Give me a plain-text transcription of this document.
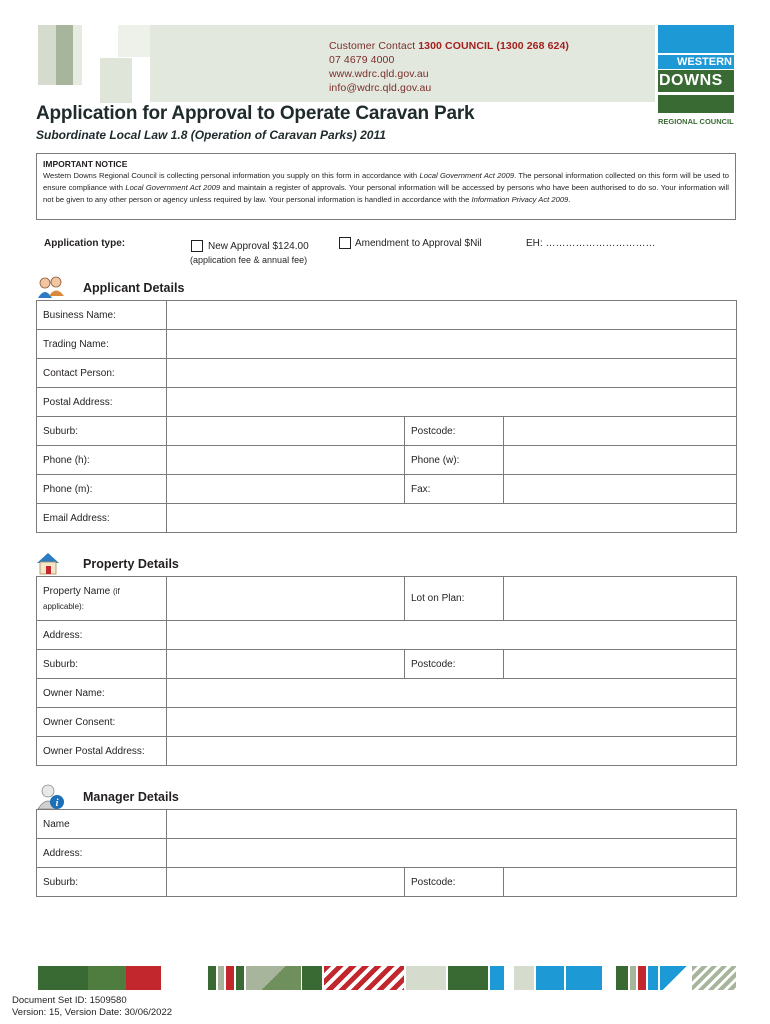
Customer Contact 1300 COUNCIL (1300 268 624)
07 4679 4000
www.wdrc.qld.gov.au
info@wdrc.qld.gov.au
WESTERN
DOWNS
REGIONAL COUNCIL
Application for Approval to Operate Caravan Park
Subordinate Local Law 1.8 (Operation of Caravan Parks) 2011
IMPORTANT NOTICE
Western Downs Regional Council is collecting personal information you supply on this form in accordance with Local Government Act 2009. The personal information collected on this form will be used to ensure compliance with Local Government Act 2009 and maintain a register of approvals. Your personal information will be accessed by persons who have been authorised to do so. Your information will not be given to any other person or agency unless required by law. Your personal information is handled in accordance with the Information Privacy Act 2009.
Application type:	New Approval $124.00
(application fee & annual fee)
Amendment to Approval $Nil	EH: ……………………………
Applicant Details
Business Name:			
Trading Name:			
Contact Person:			
Postal Address:			
Suburb:		Postcode:	
Phone (h):		Phone (w):	
Phone (m):		Fax:	
Email Address:			
Property Details
Property Name (if
applicable):		Lot on Plan:	
Address:			
Suburb:		Postcode:	
Owner Name:			
Owner Consent:			
Owner Postal Address:			
i Manager Details
Name			
Address:			
Suburb:		Postcode:	
Document Set ID: 1509580
Version: 15, Version Date: 30/06/2022
